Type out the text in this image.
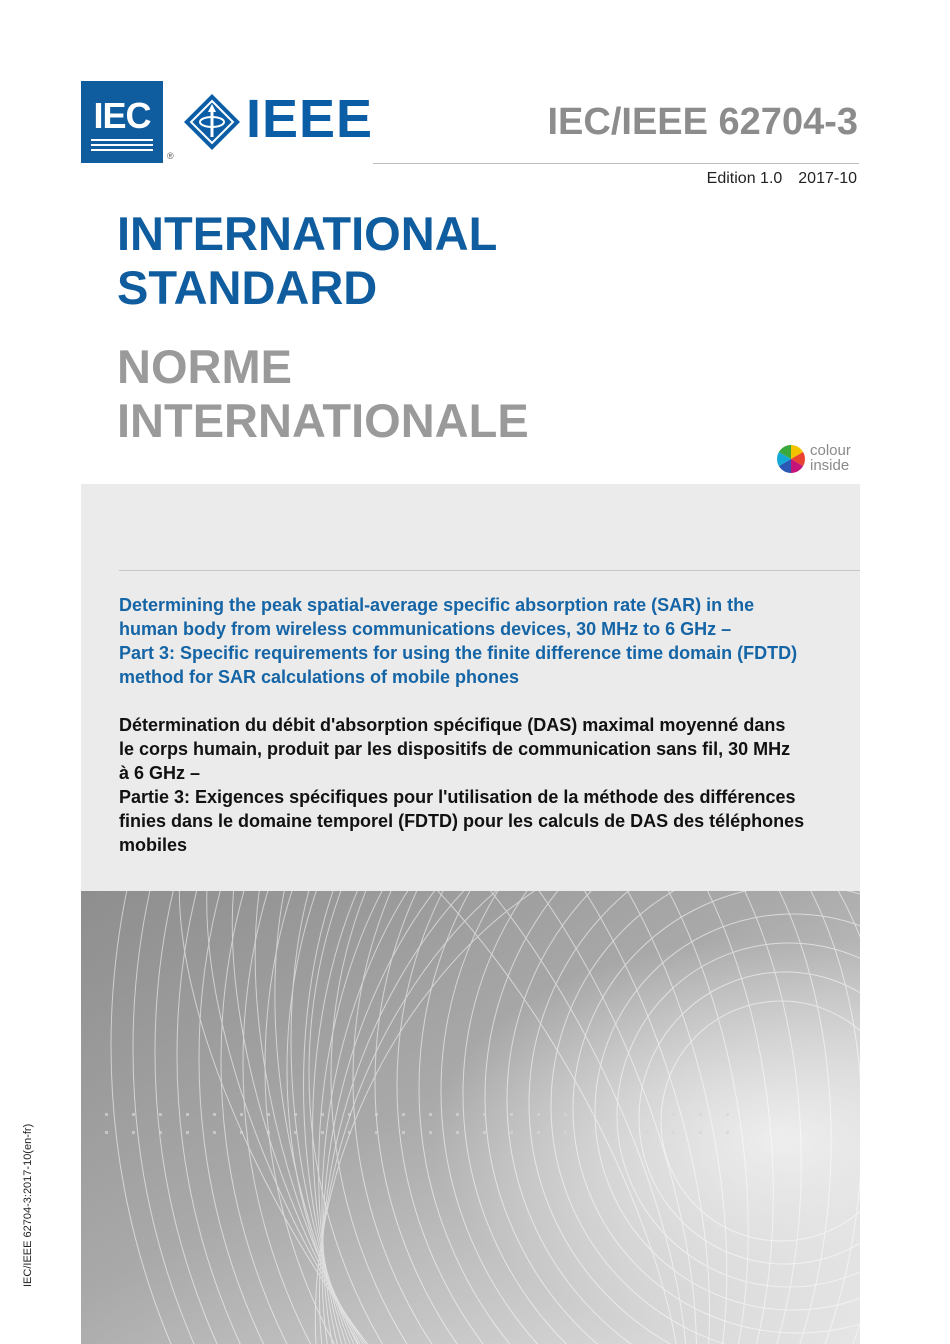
IEC
®
IEEE	IEC/IEEE 62704-3
Edition 1.0 2017-10
INTERNATIONAL
STANDARD
NORME
INTERNATIONALE
colour
inside
Determining the peak spatial-average specific absorption rate (SAR) in the
human body from wireless communications devices, 30 MHz to 6 GHz –
Part 3: Specific requirements for using the finite difference time domain (FDTD)
method for SAR calculations of mobile phones
Détermination du débit d'absorption spécifique (DAS) maximal moyenné dans
le corps humain, produit par les dispositifs de communication sans fil, 30 MHz
à 6 GHz –
Partie 3: Exigences spécifiques pour l'utilisation de la méthode des différences
finies dans le domaine temporel (FDTD) pour les calculs de DAS des téléphones
mobiles
IEC/IEEE 62704-3:2017-10(en-fr)
